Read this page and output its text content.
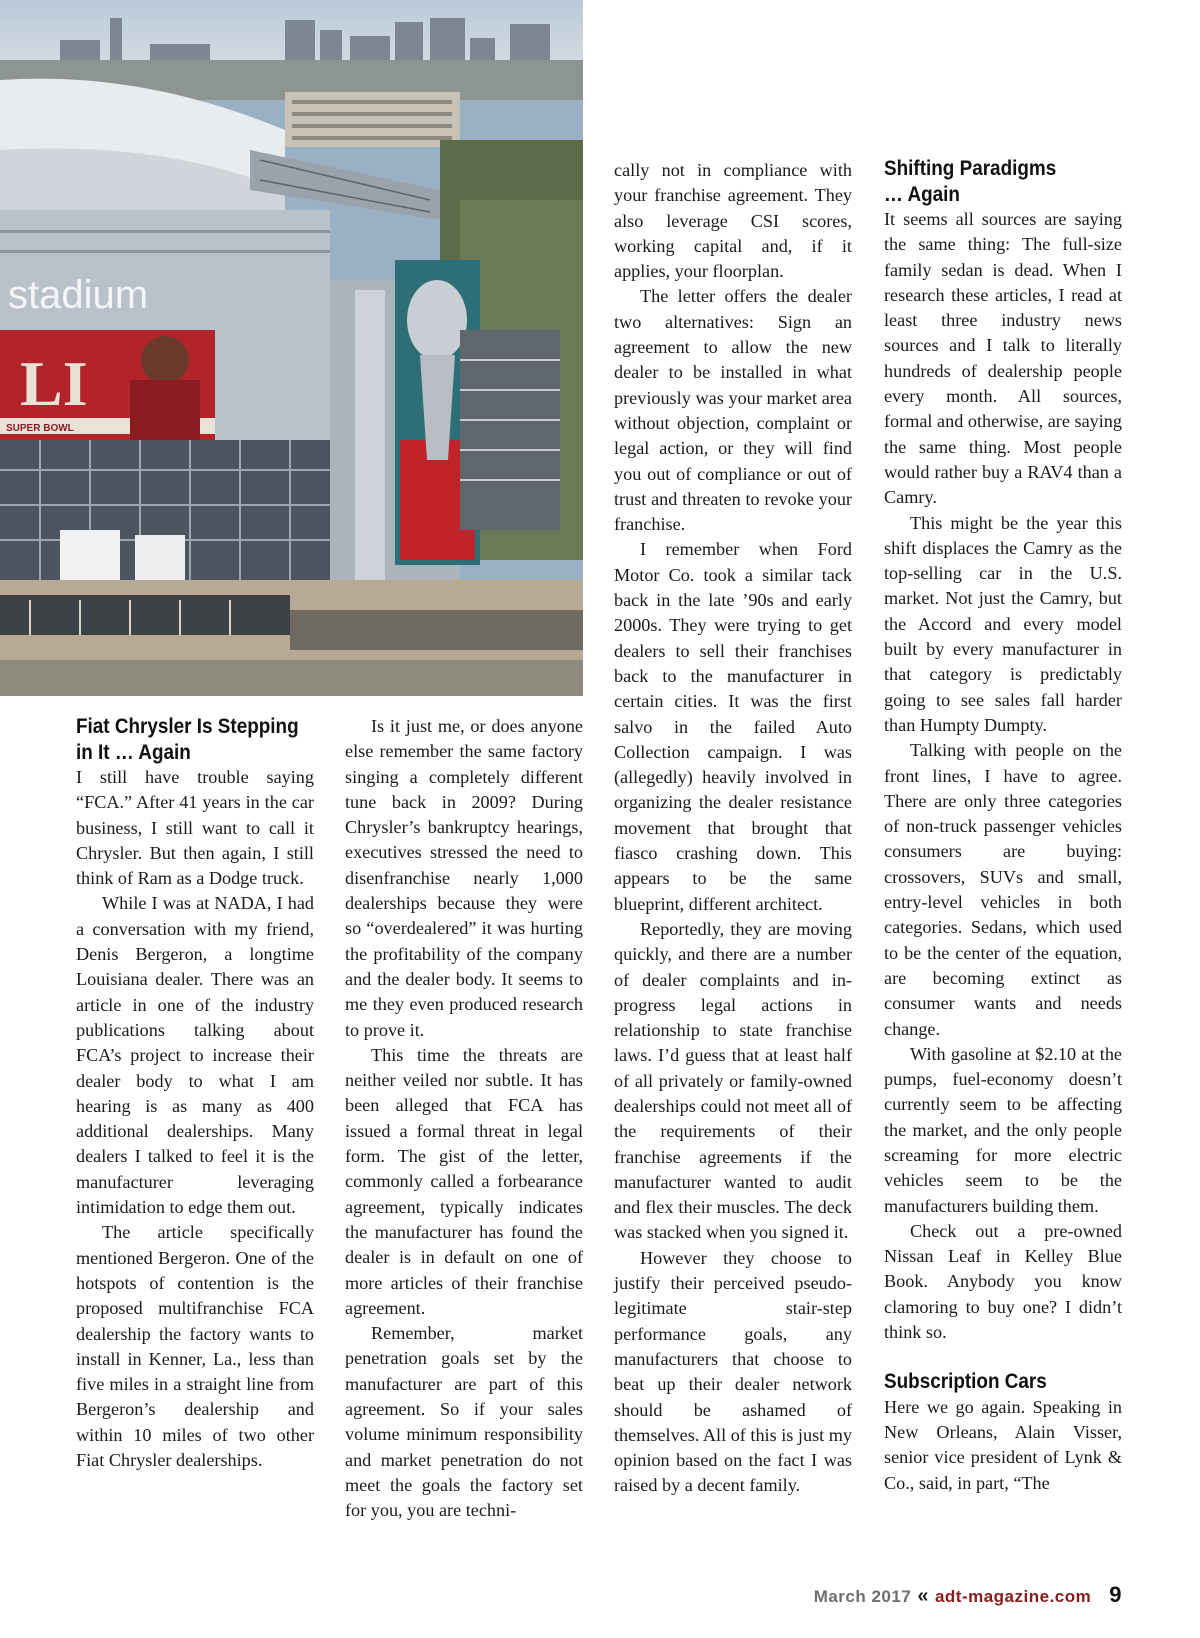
stadium
SUPER BOWL
LI
Fiat Chrysler Is Stepping
in It … Again

I still have trouble saying “FCA.” After 41 years in the car business, I still want to call it Chrysler. But then again, I still think of Ram as a Dodge truck.

While I was at NADA, I had a conversation with my friend, Denis Bergeron, a longtime Louisiana dealer. There was an article in one of the industry publications talking about FCA’s project to increase their dealer body to what I am hearing is as many as 400 additional dealerships. Many dealers I talked to feel it is the manufacturer leveraging intimidation to edge them out.

The article specifically mentioned Bergeron. One of the hotspots of contention is the proposed multifranchise FCA dealership the factory wants to install in Kenner, La., less than five miles in a straight line from Bergeron’s dealership and within 10 miles of two other Fiat Chrysler dealerships.

Is it just me, or does anyone else remember the same factory singing a completely different tune back in 2009? During Chrysler’s bankruptcy hearings, executives stressed the need to disenfranchise nearly 1,000 dealerships because they were so “overdealered” it was hurting the profitability of the company and the dealer body. It seems to me they even produced research to prove it.

This time the threats are neither veiled nor subtle. It has been alleged that FCA has issued a formal threat in legal form. The gist of the letter, commonly called a forbearance agreement, typically indicates the manufacturer has found the dealer is in default on one of more articles of their franchise agreement.

Remember, market penetration goals set by the manufacturer are part of this agreement. So if your sales volume minimum responsibility and market penetration do not meet the goals the factory set for you, you are techni-

cally not in compliance with your franchise agreement. They also leverage CSI scores, working capital and, if it applies, your floorplan.

The letter offers the dealer two alternatives: Sign an agreement to allow the new dealer to be installed in what previously was your market area without objection, complaint or legal action, or they will find you out of compliance or out of trust and threaten to revoke your franchise.

I remember when Ford Motor Co. took a similar tack back in the late ’90s and early 2000s. They were trying to get dealers to sell their franchises back to the manufacturer in certain cities. It was the first salvo in the failed Auto Collection campaign. I was (allegedly) heavily involved in organizing the dealer resistance movement that brought that fiasco crashing down. This appears to be the same blueprint, different architect.

Reportedly, they are moving quickly, and there are a number of dealer complaints and in-progress legal actions in relationship to state franchise laws. I’d guess that at least half of all privately or family-owned dealerships could not meet all of the requirements of their franchise agreements if the manufacturer wanted to audit and flex their muscles. The deck was stacked when you signed it.

However they choose to justify their perceived pseudo-legitimate stair-step performance goals, any manufacturers that choose to beat up their dealer network should be ashamed of themselves. All of this is just my opinion based on the fact I was raised by a decent family.

Shifting Paradigms
… Again

It seems all sources are saying the same thing: The full-size family sedan is dead. When I research these articles, I read at least three industry news sources and I talk to literally hundreds of dealership people every month. All sources, formal and otherwise, are saying the same thing. Most people would rather buy a RAV4 than a Camry.

This might be the year this shift displaces the Camry as the top-selling car in the U.S. market. Not just the Camry, but the Accord and every model built by every manufacturer in that category is predictably going to see sales fall harder than Humpty Dumpty.

Talking with people on the front lines, I have to agree. There are only three categories of non-truck passenger vehicles consumers are buying: crossovers, SUVs and small, entry-level vehicles in both categories. Sedans, which used to be the center of the equation, are becoming extinct as consumer wants and needs change.

With gasoline at $2.10 at the pumps, fuel-economy doesn’t currently seem to be affecting the market, and the only people screaming for more electric vehicles seem to be the manufacturers building them.

Check out a pre-owned Nissan Leaf in Kelley Blue Book. Anybody you know clamoring to buy one? I didn’t think so.

Subscription Cars

Here we go again. Speaking in New Orleans, Alain Visser, senior vice president of Lynk & Co., said, in part, “The

March 2017 « adt-magazine.com 9
